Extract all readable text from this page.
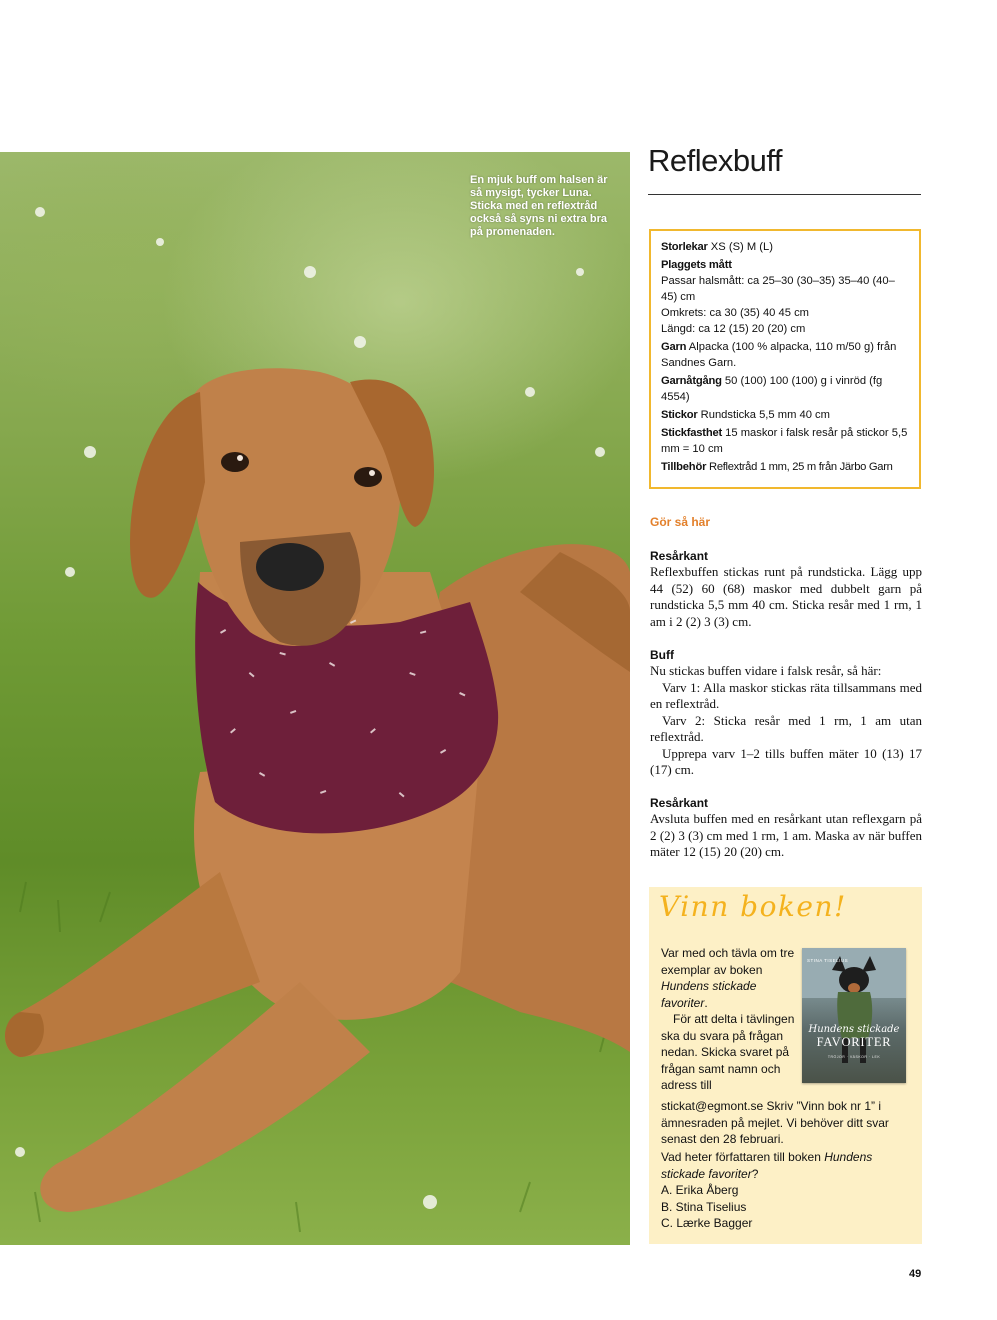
En mjuk buff om halsen är så mysigt, tycker Luna. Sticka med en reflextråd också så syns ni extra bra på promenaden.
Reflexbuff

Storlekar XS (S) M (L)

Plaggets mått

Passar halsmått: ca 25–30 (30–35) 35–40 (40–45) cm

Omkrets: ca 30 (35) 40 45 cm

Längd: ca 12 (15) 20 (20) cm

Garn Alpacka (100 % alpacka, 110 m/50 g) från Sandnes Garn.

Garnåtgång 50 (100) 100 (100) g i vinröd (fg 4554)

Stickor Rundsticka 5,5 mm 40 cm

Stickfasthet 15 maskor i falsk resår på stickor 5,5 mm = 10 cm

Tillbehör Reflextråd 1 mm, 25 m från Järbo Garn

Gör så här
Resårkant

Reflexbuffen stickas runt på rundsticka. Lägg upp 44 (52) 60 (68) maskor med dubbelt garn på rundsticka 5,5 mm 40 cm. Sticka resår med 1 rm, 1 am i 2 (2) 3 (3) cm.

Buff

Nu stickas buffen vidare i falsk resår, så här:

Varv 1: Alla maskor stickas räta tillsammans med en reflextråd.

Varv 2: Sticka resår med 1 rm, 1 am utan reflextråd.

Upprepa varv 1–2 tills buffen mäter 10 (13) 17 (17) cm.

Resårkant

Avsluta buffen med en resårkant utan reflexgarn på 2 (2) 3 (3) cm med 1 rm, 1 am. Maska av när buffen mäter 12 (15) 20 (20) cm.

Vinn boken!

Var med och tävla om tre exemplar av boken Hundens stickade favoriter.

För att delta i tävlingen ska du svara på frågan nedan. Skicka svaret på frågan samt namn och adress till

STINA TISELIUS
Hundens stickade
FAVORITER
TRÖJOR · VÄSKOR · LEK

stickat@egmont.se Skriv ”Vinn bok nr 1” i ämnesraden på mejlet. Vi behöver ditt svar senast den 28 februari.

Vad heter författaren till boken Hundens stickade favoriter?

A. Erika Åberg

B. Stina Tiselius

C. Lærke Bagger

49
